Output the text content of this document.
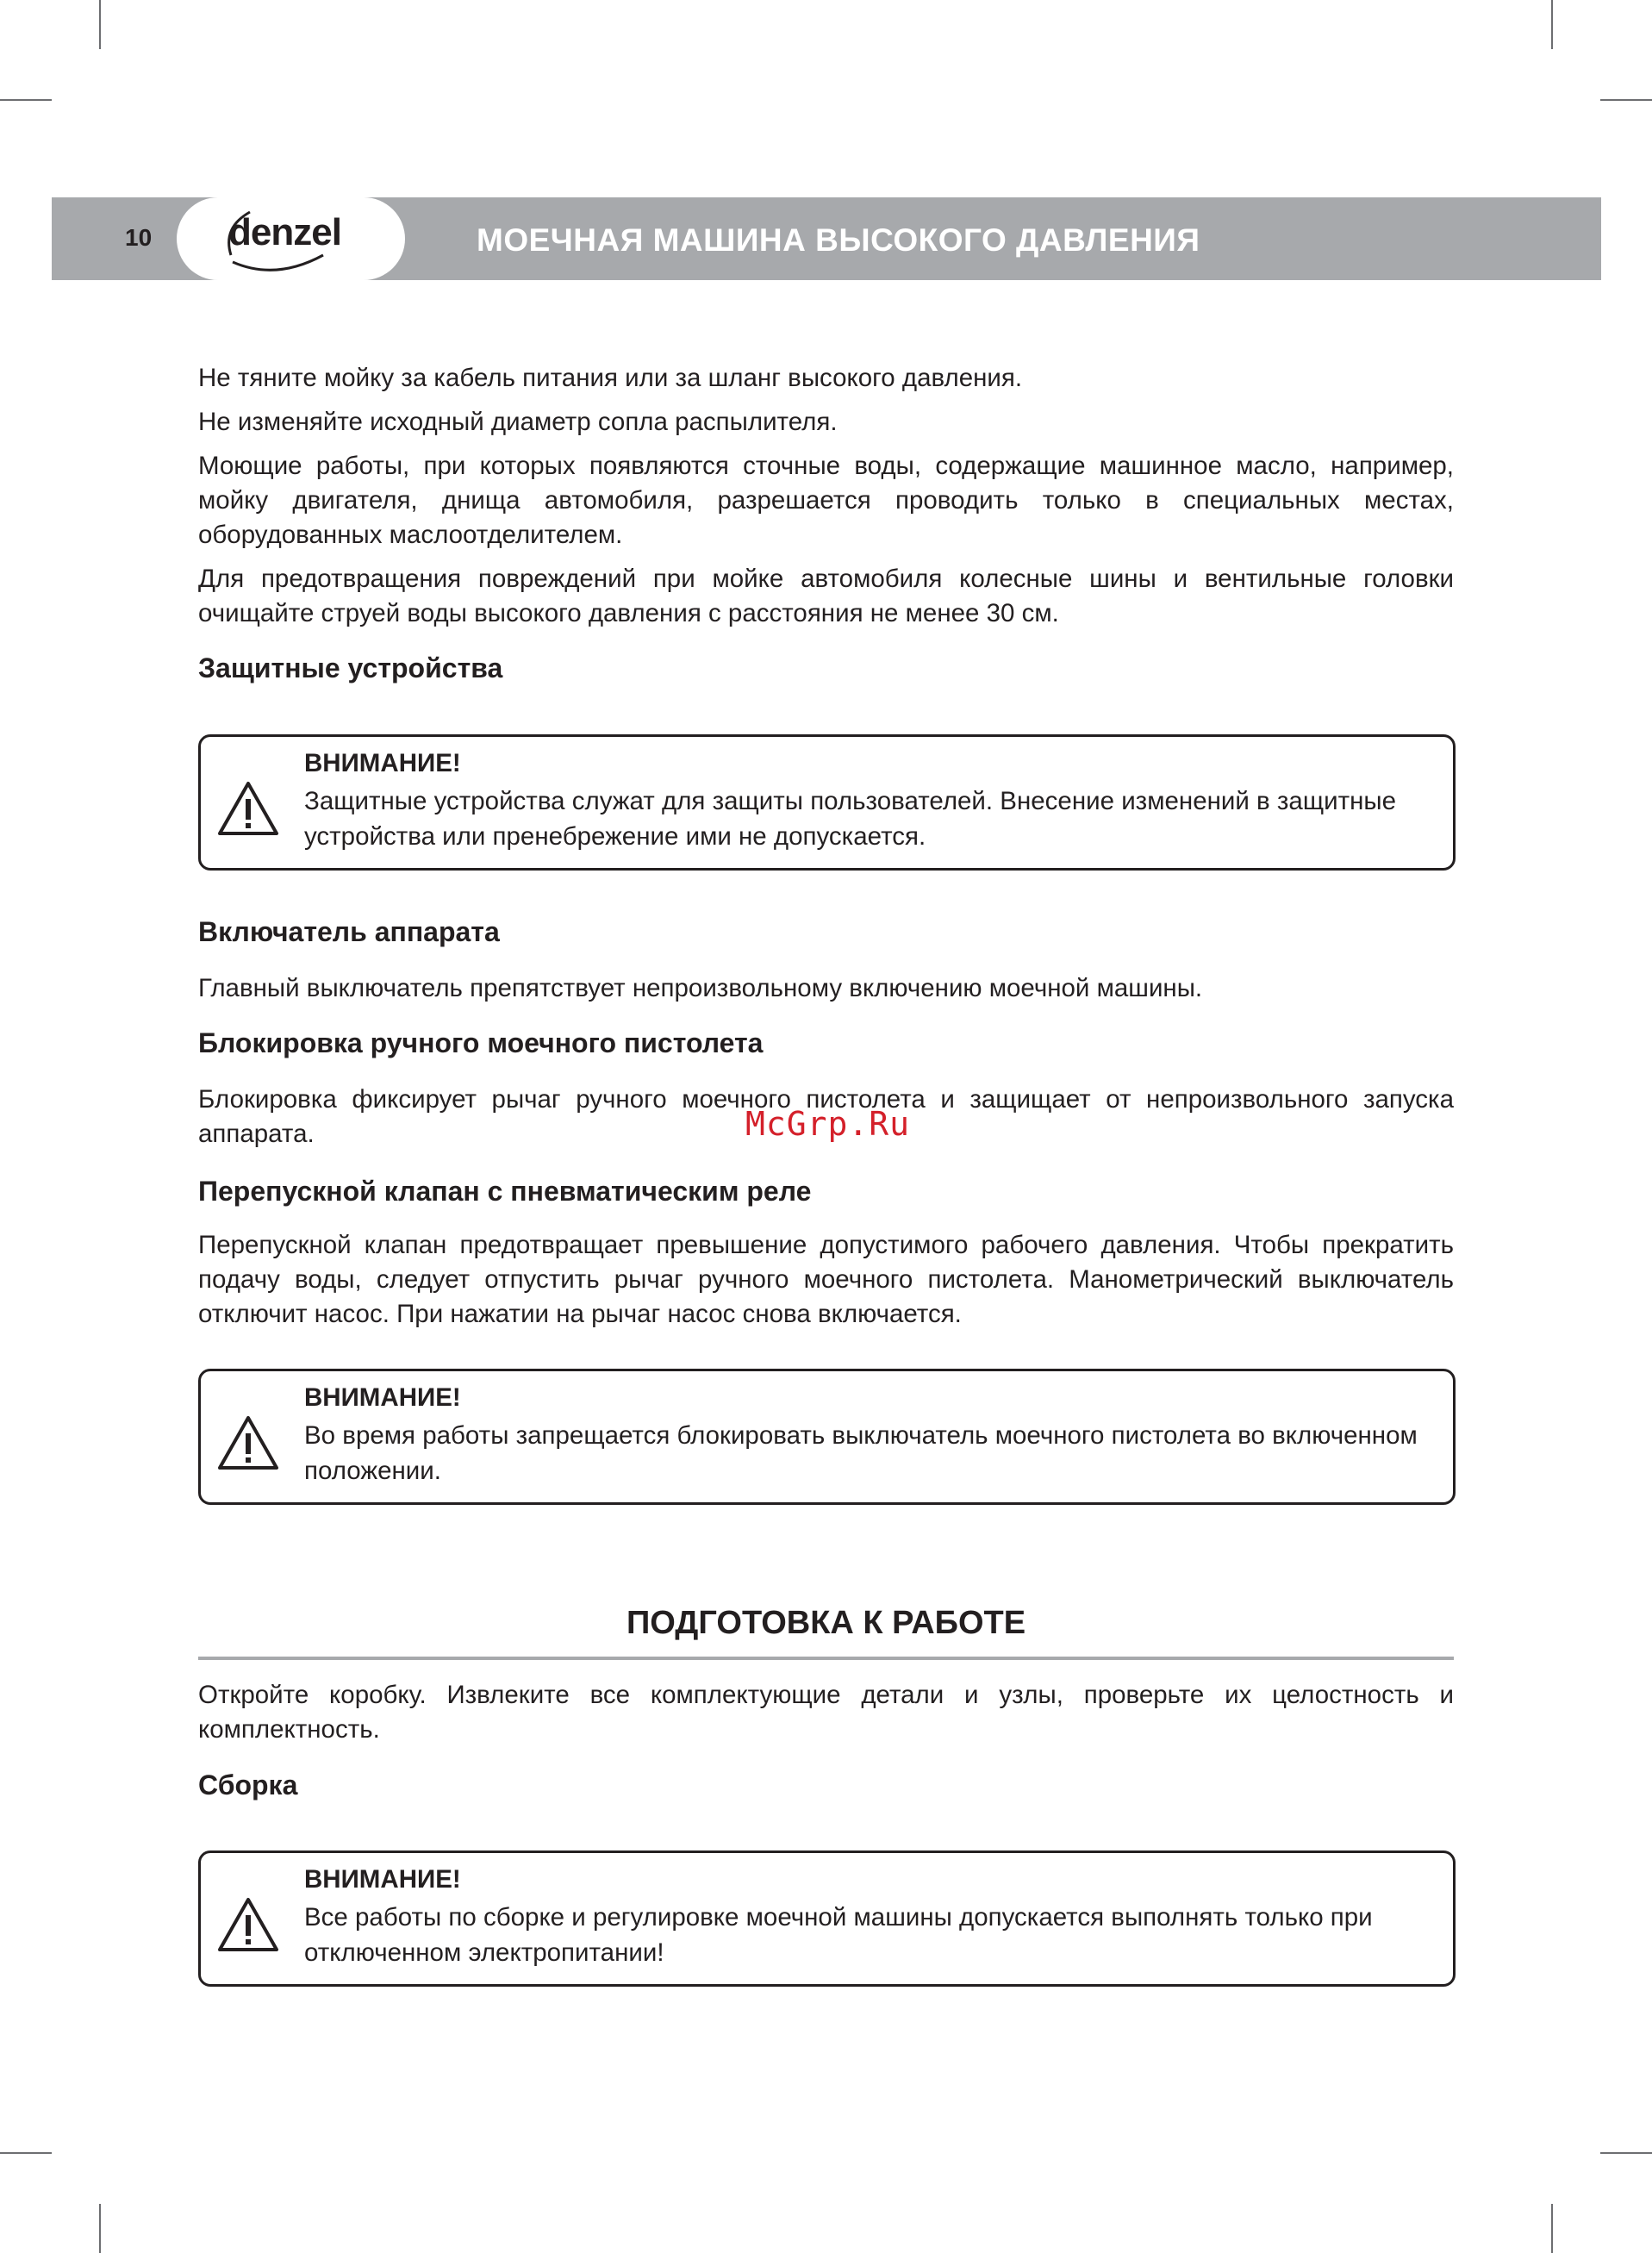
10 denzel	МОЕЧНАЯ МАШИНА ВЫСОКОГО ДАВЛЕНИЯ

Не тяните мойку за кабель питания или за шланг высокого давления.

Не изменяйте исходный диаметр сопла распылителя.

Моющие работы, при которых появляются сточные воды, содержащие машинное масло, например, мойку двигателя, днища автомобиля, разрешается проводить только в специальных местах, оборудованных маслоотделителем.

Для предотвращения повреждений при мойке автомобиля колесные шины и вентильные головки очищайте струей воды высокого давления с расстояния не менее 30 см.

Защитные устройства
ВНИМАНИЕ!
Защитные устройства служат для защиты пользователей. Внесение изменений в защитные устройства или пренебрежение ими не допускается.
Включатель аппарата

Главный выключатель препятствует непроизвольному включению моечной машины.

Блокировка ручного моечного пистолета

Блокировка фиксирует рычаг ручного моечного пистолета и защищает от непроизвольного запуска аппарата.

Перепускной клапан с пневматическим реле

Перепускной клапан предотвращает превышение допустимого рабочего давления. Чтобы прекратить подачу воды, следует отпустить рычаг ручного моечного пистолета. Манометрический выключатель отключит насос. При нажатии на рычаг насос снова включается.

ВНИМАНИЕ!
Во время работы запрещается блокировать выключатель моечного пистолета во включенном положении.
ПОДГОТОВКА К РАБОТЕ

Откройте коробку. Извлеките все комплектующие детали и узлы, проверьте их целостность и комплектность.

Сборка
ВНИМАНИЕ!
Все работы по сборке и регулировке моечной машины допускается выполнять только при отключенном электропитании!
McGrp.Ru
